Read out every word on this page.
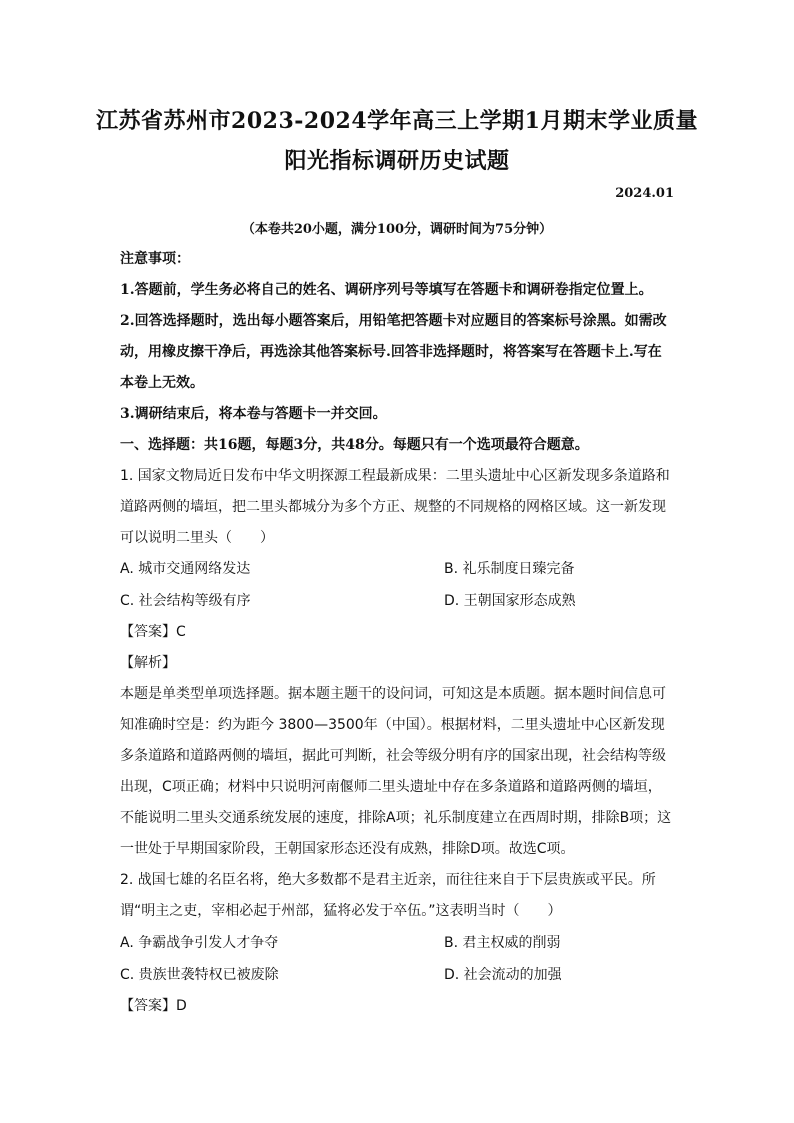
江苏省苏州市2023-2024学年高三上学期1月期末学业质量
阳光指标调研历史试题
2024.01
（本卷共20小题，满分100分，调研时间为75分钟）
注意事项：
1.答题前，学生务必将自己的姓名、调研序列号等填写在答题卡和调研卷指定位置上。
2.回答选择题时，选出每小题答案后，用铅笔把答题卡对应题目的答案标号涂黑。如需改动，用橡皮擦干净后，再选涂其他答案标号.回答非选择题时，将答案写在答题卡上.写在本卷上无效。
3.调研结束后，将本卷与答题卡一并交回。
一、选择题：共16题，每题3分，共48分。每题只有一个选项最符合题意。
1. 国家文物局近日发布中华文明探源工程最新成果：二里头遗址中心区新发现多条道路和道路两侧的墙垣，把二里头都城分为多个方正、规整的不同规格的网格区域。这一新发现可以说明二里头（　　）
A. 城市交通网络发达	B. 礼乐制度日臻完备
C. 社会结构等级有序	D. 王朝国家形态成熟
【答案】C
【解析】
本题是单类型单项选择题。据本题主题干的设问词，可知这是本质题。据本题时间信息可知准确时空是：约为距今 3800—3500年（中国）。根据材料，二里头遗址中心区新发现多条道路和道路两侧的墙垣，据此可判断，社会等级分明有序的国家出现，社会结构等级出现，C项正确；材料中只说明河南偃师二里头遗址中存在多条道路和道路两侧的墙垣，不能说明二里头交通系统发展的速度，排除A项；礼乐制度建立在西周时期，排除B项；这一世处于早期国家阶段，王朝国家形态还没有成熟，排除D项。故选C项。
2. 战国七雄的名臣名将，绝大多数都不是君主近亲，而往往来自于下层贵族或平民。所谓“明主之吏，宰相必起于州部，猛将必发于卒伍。”这表明当时（　　）
A. 争霸战争引发人才争夺	B. 君主权威的削弱
C. 贵族世袭特权已被废除	D. 社会流动的加强
【答案】D
